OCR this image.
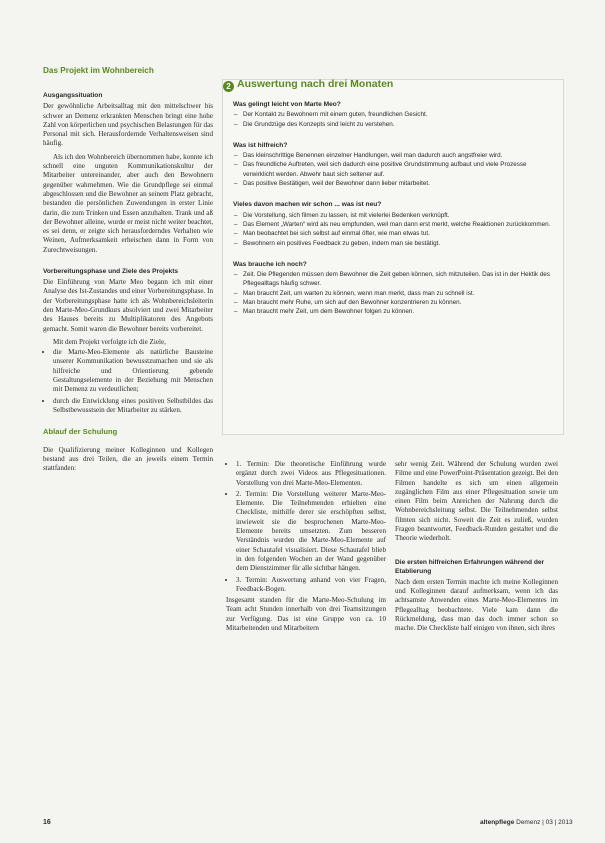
Das Projekt im Wohnbereich
Ausgangssituation

Der gewöhnliche Arbeitsalltag mit den mittelschwer bis schwer an Demenz erkrankten Menschen bringt eine hohe Zahl von körperlichen und psychischen Belastungen für das Personal mit sich. Herausfordernde Verhaltensweisen sind häufig.

Als ich den Wohnbereich übernommen habe, konnte ich schnell eine unguten Kommunikationskultur der Mitarbeiter untereinander, aber auch den Bewohnern gegenüber wahrnehmen. Wie die Grundpflege sei einmal abgeschlossen und die Bewohner an seinem Platz gebracht, bestanden die persönlichen Zuwendungen in erster Linie darin, die zum Trinken und Essen anzuhalten. Trank und aß der Bewohner alleine, wurde er meist nicht weiter beachtet, es sei denn, er zeigte sich herausforderndes Verhalten wie Weinen, Aufmerksamkeit erheischen dann in Form von Zurechtweisungen.

Vorbereitungsphase und Ziele des Projekts

Die Einführung von Marte Meo begann ich mit einer Analyse des Ist-Zustandes und einer Vorbereitungsphase. In der Vorbereitungsphase hatte ich als Wohnbereichsleiterin den Marte-Meo-Grundkurs absolviert und zwei Mitarbeiter des Hauses bereits zu Multiplikatoren des Angebots gemacht. Somit waren die Bewohner bereits vorbereitet.

Mit dem Projekt verfolgte ich die Ziele,

• die Marte-Meo-Elemente als natürliche Bausteine unserer Kommunikation bewusstzumachen und sie als hilfreiche und Orientierung gebende Gestaltungselemente in der Beziehung mit Menschen mit Demenz zu verdeutlichen;
• durch die Entwicklung eines positiven Selbstbildes das Selbstbewusstsein der Mitarbeiter zu stärken.
Ablauf der Schulung

Die Qualifizierung meiner Kolleginnen und Kollegen bestand aus drei Teilen, die an jeweils einem Termin stattfanden:

2 Auswertung nach drei Monaten
Was gelingt leicht von Marte Meo?
– Der Kontakt zu Bewohnern mit einem guten, freundlichen Gesicht.
– Die Grundzüge des Konzepts sind leicht zu verstehen.
Was ist hilfreich?
– Das kleinschrittige Benennen einzelner Handlungen, weil man dadurch auch angstfreier wird.
– Das freundliche Auftreten, weil sich dadurch eine positive Grundstimmung aufbaut und viele Prozesse verwirklicht werden. Abwehr baut sich seltener auf.
– Das positive Bestätigen, weil der Bewohner dann lieber mitarbeitet.
Vieles davon machen wir schon ... was ist neu?
– Die Vorstellung, sich filmen zu lassen, ist mit vielerlei Bedenken verknüpft.
– Das Element „Warten“ wird als neu empfunden, weil man dann erst merkt, welche Reaktionen zurückkommen.
– Man beobachtet bei sich selbst auf einmal öfter, wie man etwas tut.
– Bewohnern ein positives Feedback zu geben, indem man sie bestätigt.
Was brauche ich noch?
– Zeit. Die Pflegenden müssen dem Bewohner die Zeit geben können, sich mitzuteilen. Das ist in der Hektik des Pflegealltags häufig schwer.
– Man braucht Zeit, um warten zu können, wenn man merkt, dass man zu schnell ist.
– Man braucht mehr Ruhe, um sich auf den Bewohner konzentrieren zu können.
– Man braucht mehr Zeit, um dem Bewohner folgen zu können.
• 1. Termin: Die theoretische Einführung wurde ergänzt durch zwei Videos aus Pflegesituationen. Vorstellung von drei Marte-Meo-Elementen.
• 2. Termin: Die Vorstellung weiterer Marte-Meo-Elemente. Die Teilnehmenden erhielten eine Checkliste, mithilfe derer sie erschöpften selbst, inwieweit sie die besprochenen Marte-Meo-Elemente bereits umsetzten. Zum besseren Verständnis wurden die Marte-Meo-Elemente auf einer Schautafel visualisiert. Diese Schautafel blieb in den folgenden Wochen an der Wand gegenüber dem Dienstzimmer für alle sichtbar hängen.
• 3. Termin: Auswertung anhand von vier Fragen, Feedback-Bogen.

Insgesamt standen für die Marte-Meo-Schulung im Team acht Stunden innerhalb von drei Teamsitzungen zur Verfügung. Das ist eine Gruppe von ca. 10 Mitarbeitenden und Mitarbeitern

sehr wenig Zeit. Während der Schulung wurden zwei Filme und eine PowerPoint-Präsentation gezeigt. Bei den Filmen handelte es sich um einen allgemein zugänglichen Film aus einer Pflegesituation sowie um einen Film beim Anreichen der Nahrung durch die Wohnbereichsleitung selbst. Die Teilnehmenden selbst filmten sich nicht. Soweit die Zeit es zuließ, wurden Fragen beantwortet, Feedback-Runden gestaltet und die Theorie wiederholt.

Die ersten hilfreichen Erfahrungen während der Etablierung

Nach dem ersten Termin machte ich meine Kolleginnen und Kolleginnen darauf aufmerksam, wenn ich das achtsamste Anwenden eines Marte-Meo-Elementes im Pflegealltag beobachtete. Viele kam dann die Rückmeldung, dass man das doch immer schon so mache. Die Checkliste half einigen von ihnen, sich ihres

16	altenpflege Demenz | 03 | 2013
